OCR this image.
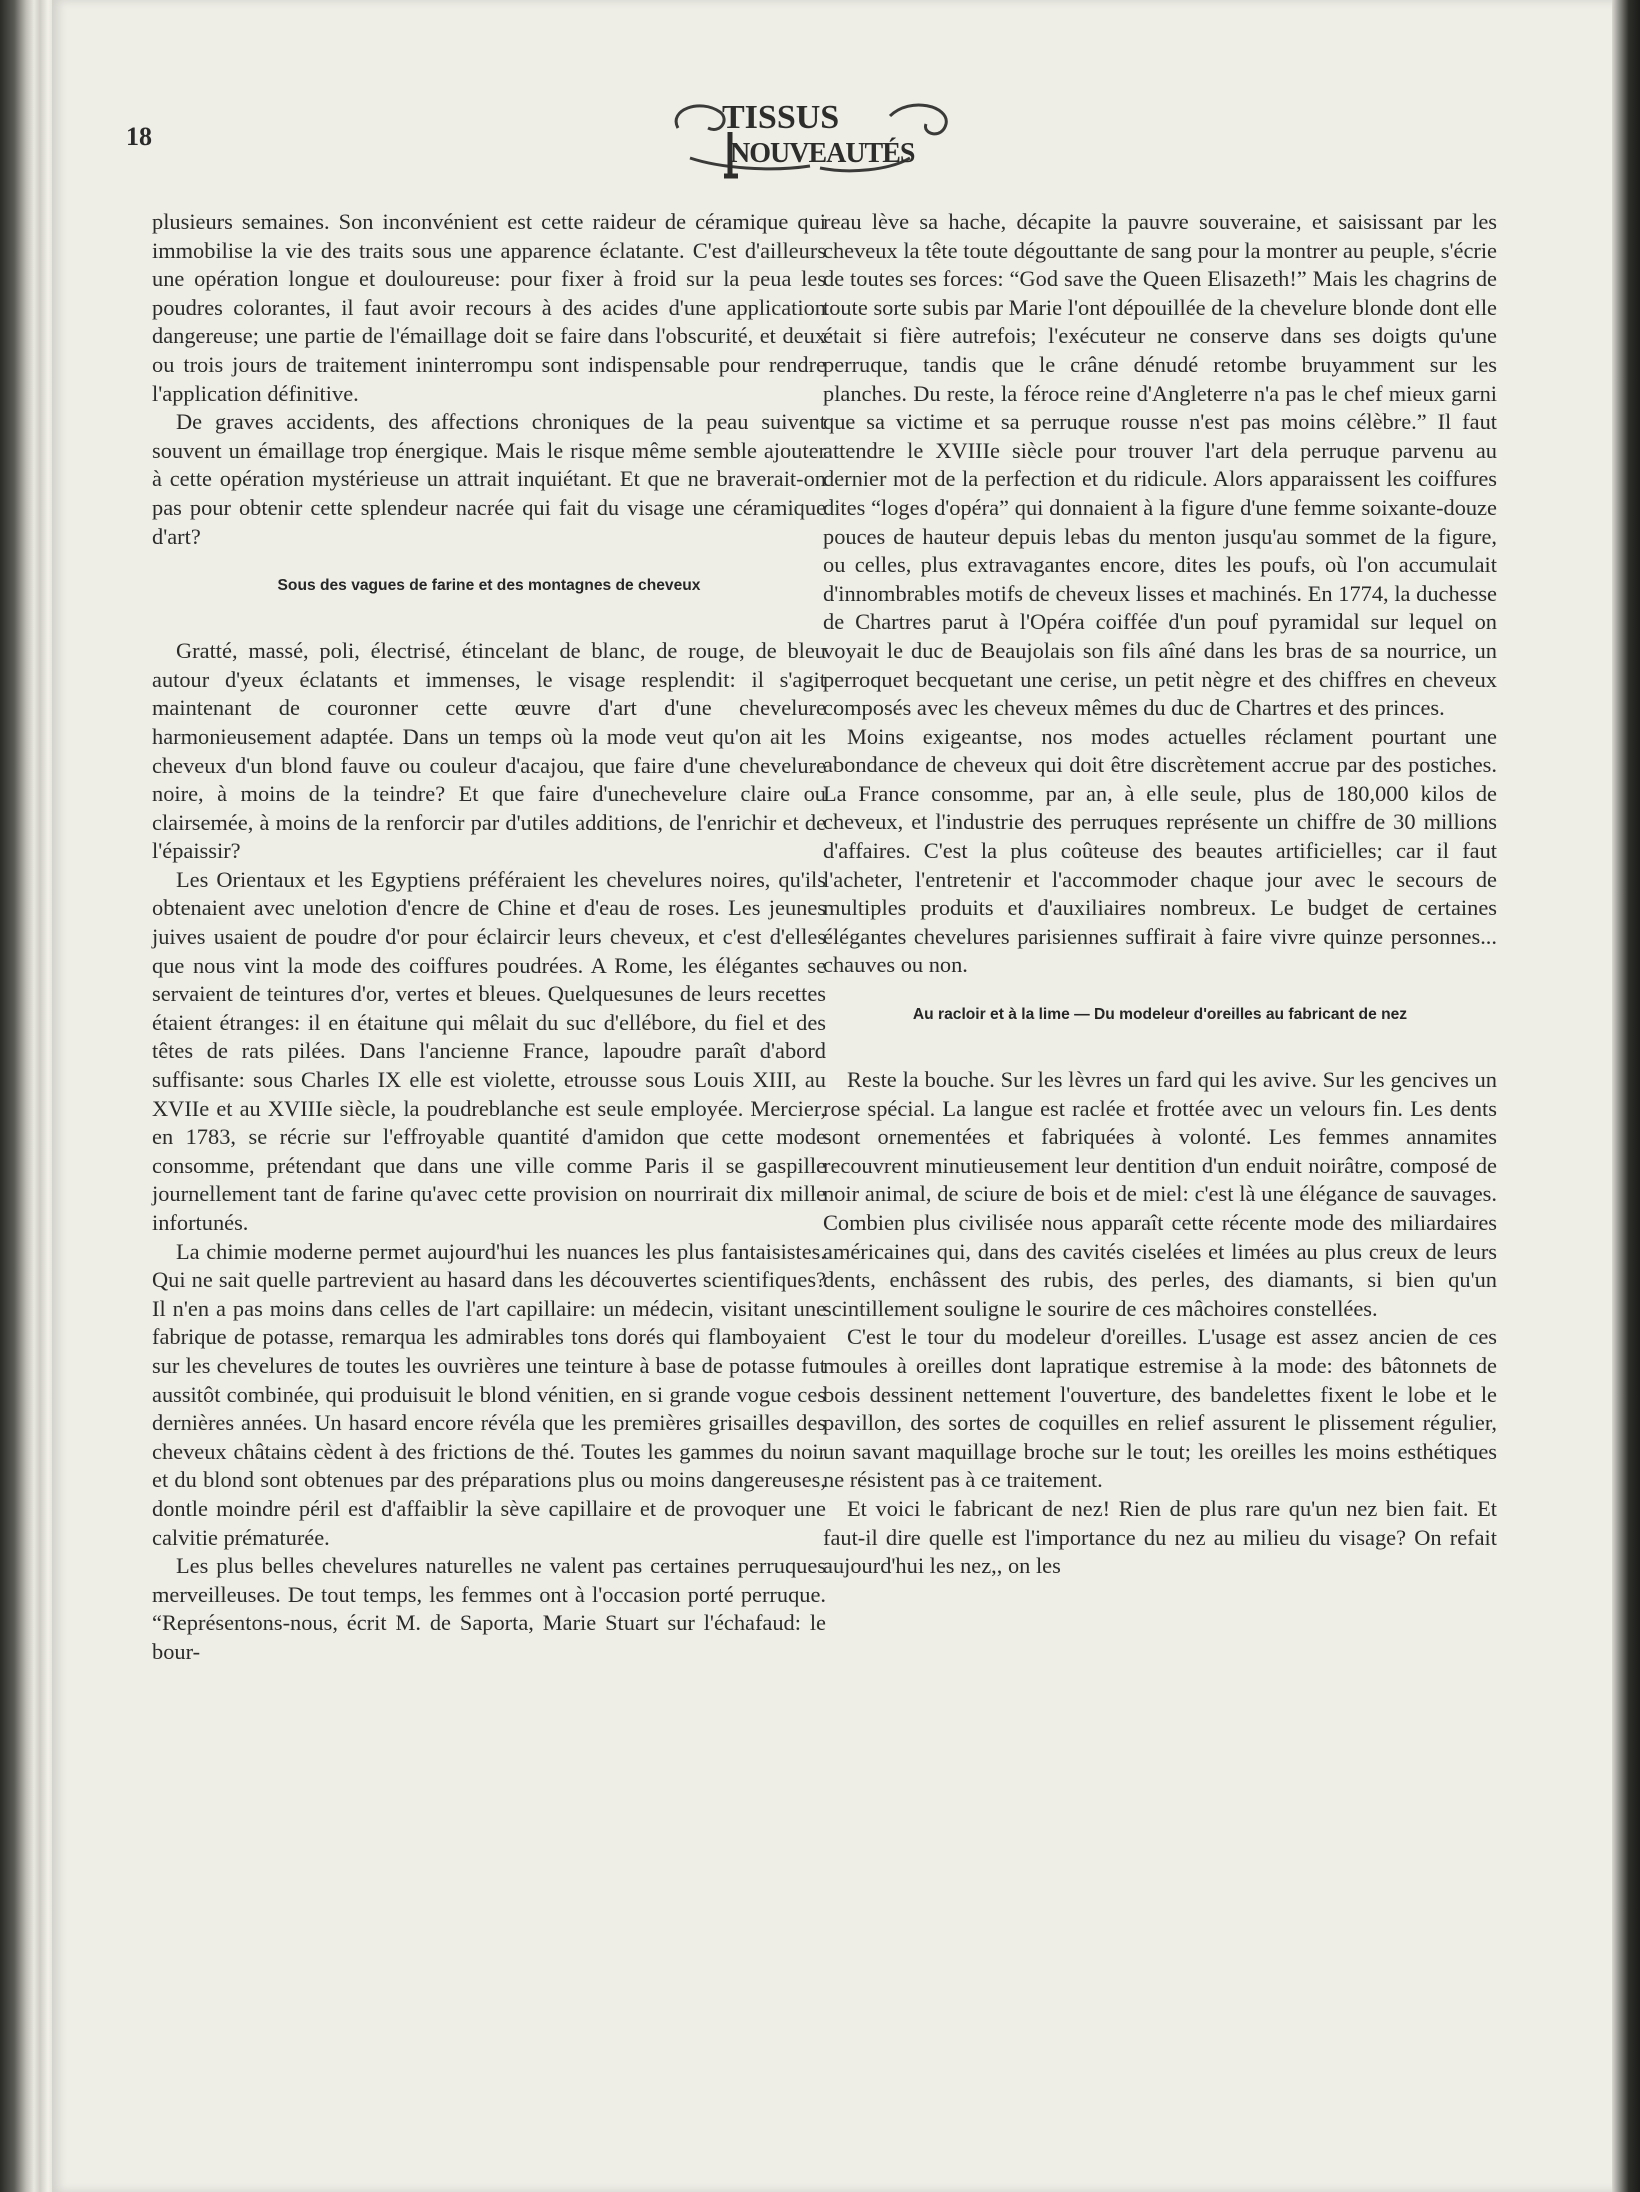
18
TISSUS
NOUVEAUTÉS

plusieurs semaines. Son inconvénient est cette raideur de céramique qui immobilise la vie des traits sous une apparence éclatante. C'est d'ailleurs une opération longue et douloureuse: pour fixer à froid sur la peua les poudres colorantes, il faut avoir recours à des acides d'une application dangereuse; une partie de l'émaillage doit se faire dans l'obscurité, et deux ou trois jours de traitement ininterrompu sont indispensable pour rendre l'application définitive.

De graves accidents, des affections chroniques de la peau suivent souvent un émaillage trop énergique. Mais le risque même semble ajouter à cette opération mystérieuse un attrait inquiétant. Et que ne braverait-on pas pour obtenir cette splendeur nacrée qui fait du visage une céramique d'art?

Sous des vagues de farine et des montagnes de cheveux

Gratté, massé, poli, électrisé, étincelant de blanc, de rouge, de bleu autour d'yeux éclatants et immenses, le visage resplendit: il s'agit maintenant de couronner cette œuvre d'art d'une chevelure harmonieusement adaptée. Dans un temps où la mode veut qu'on ait les cheveux d'un blond fauve ou couleur d'acajou, que faire d'une chevelure noire, à moins de la teindre? Et que faire d'unechevelure claire ou clairsemée, à moins de la renforcir par d'utiles additions, de l'enrichir et de l'épaissir?

Les Orientaux et les Egyptiens préféraient les chevelures noires, qu'ils obtenaient avec unelotion d'encre de Chine et d'eau de roses. Les jeunes juives usaient de poudre d'or pour éclaircir leurs cheveux, et c'est d'elles que nous vint la mode des coiffures poudrées. A Rome, les élégantes se servaient de teintures d'or, vertes et bleues. Quelquesunes de leurs recettes étaient étranges: il en étaitune qui mêlait du suc d'ellébore, du fiel et des têtes de rats pilées. Dans l'ancienne France, lapoudre paraît d'abord suffisante: sous Charles IX elle est violette, etrousse sous Louis XIII, au XVIIe et au XVIIIe siècle, la poudreblanche est seule employée. Mercier, en 1783, se récrie sur l'effroyable quantité d'amidon que cette mode consomme, prétendant que dans une ville comme Paris il se gaspille journellement tant de farine qu'avec cette provision on nourrirait dix mille infortunés.

La chimie moderne permet aujourd'hui les nuances les plus fantaisistes. Qui ne sait quelle partrevient au hasard dans les découvertes scientifiques? Il n'en a pas moins dans celles de l'art capillaire: un médecin, visitant une fabrique de potasse, remarqua les admirables tons dorés qui flamboyaient sur les chevelures de toutes les ouvrières une teinture à base de potasse fut aussitôt combinée, qui produisuit le blond vénitien, en si grande vogue ces dernières années. Un hasard encore révéla que les premières grisailles des cheveux châtains cèdent à des frictions de thé. Toutes les gammes du noir et du blond sont obtenues par des préparations plus ou moins dangereuses, dontle moindre péril est d'affaiblir la sève capillaire et de provoquer une calvitie prématurée.

Les plus belles chevelures naturelles ne valent pas certaines perruques merveilleuses. De tout temps, les femmes ont à l'occasion porté perruque. “Représentons-nous, écrit M. de Saporta, Marie Stuart sur l'échafaud: le bour-

reau lève sa hache, décapite la pauvre souveraine, et saisissant par les cheveux la tête toute dégouttante de sang pour la montrer au peuple, s'écrie de toutes ses forces: “God save the Queen Elisazeth!” Mais les chagrins de toute sorte subis par Marie l'ont dépouillée de la chevelure blonde dont elle était si fière autrefois; l'exécuteur ne conserve dans ses doigts qu'une perruque, tandis que le crâne dénudé retombe bruyamment sur les planches. Du reste, la féroce reine d'Angleterre n'a pas le chef mieux garni que sa victime et sa perruque rousse n'est pas moins célèbre.” Il faut attendre le XVIIIe siècle pour trouver l'art dela perruque parvenu au dernier mot de la perfection et du ridicule. Alors apparaissent les coiffures dites “loges d'opéra” qui donnaient à la figure d'une femme soixante-douze pouces de hauteur depuis lebas du menton jusqu'au sommet de la figure, ou celles, plus extravagantes encore, dites les poufs, où l'on accumulait d'innombrables motifs de cheveux lisses et machinés. En 1774, la duchesse de Chartres parut à l'Opéra coiffée d'un pouf pyramidal sur lequel on voyait le duc de Beaujolais son fils aîné dans les bras de sa nourrice, un perroquet becquetant une cerise, un petit nègre et des chiffres en cheveux composés avec les cheveux mêmes du duc de Chartres et des princes.

Moins exigeantse, nos modes actuelles réclament pourtant une abondance de cheveux qui doit être discrètement accrue par des postiches. La France consomme, par an, à elle seule, plus de 180,000 kilos de cheveux, et l'industrie des perruques représente un chiffre de 30 millions d'affaires. C'est la plus coûteuse des beautes artificielles; car il faut l'acheter, l'entretenir et l'accommoder chaque jour avec le secours de multiples produits et d'auxiliaires nombreux. Le budget de certaines élégantes chevelures parisiennes suffirait à faire vivre quinze personnes... chauves ou non.

Au racloir et à la lime — Du modeleur d'oreilles au fabricant de nez

Reste la bouche. Sur les lèvres un fard qui les avive. Sur les gencives un rose spécial. La langue est raclée et frottée avec un velours fin. Les dents sont ornementées et fabriquées à volonté. Les femmes annamites recouvrent minutieusement leur dentition d'un enduit noirâtre, composé de noir animal, de sciure de bois et de miel: c'est là une élégance de sauvages. Combien plus civilisée nous apparaît cette récente mode des miliardaires américaines qui, dans des cavités ciselées et limées au plus creux de leurs dents, enchâssent des rubis, des perles, des diamants, si bien qu'un scintillement souligne le sourire de ces mâchoires constellées.

C'est le tour du modeleur d'oreilles. L'usage est assez ancien de ces moules à oreilles dont lapratique estremise à la mode: des bâtonnets de bois dessinent nettement l'ouverture, des bandelettes fixent le lobe et le pavillon, des sortes de coquilles en relief assurent le plissement régulier, un savant maquillage broche sur le tout; les oreilles les moins esthétiques ne résistent pas à ce traitement.

Et voici le fabricant de nez! Rien de plus rare qu'un nez bien fait. Et faut-il dire quelle est l'importance du nez au milieu du visage? On refait aujourd'hui les nez,, on les
